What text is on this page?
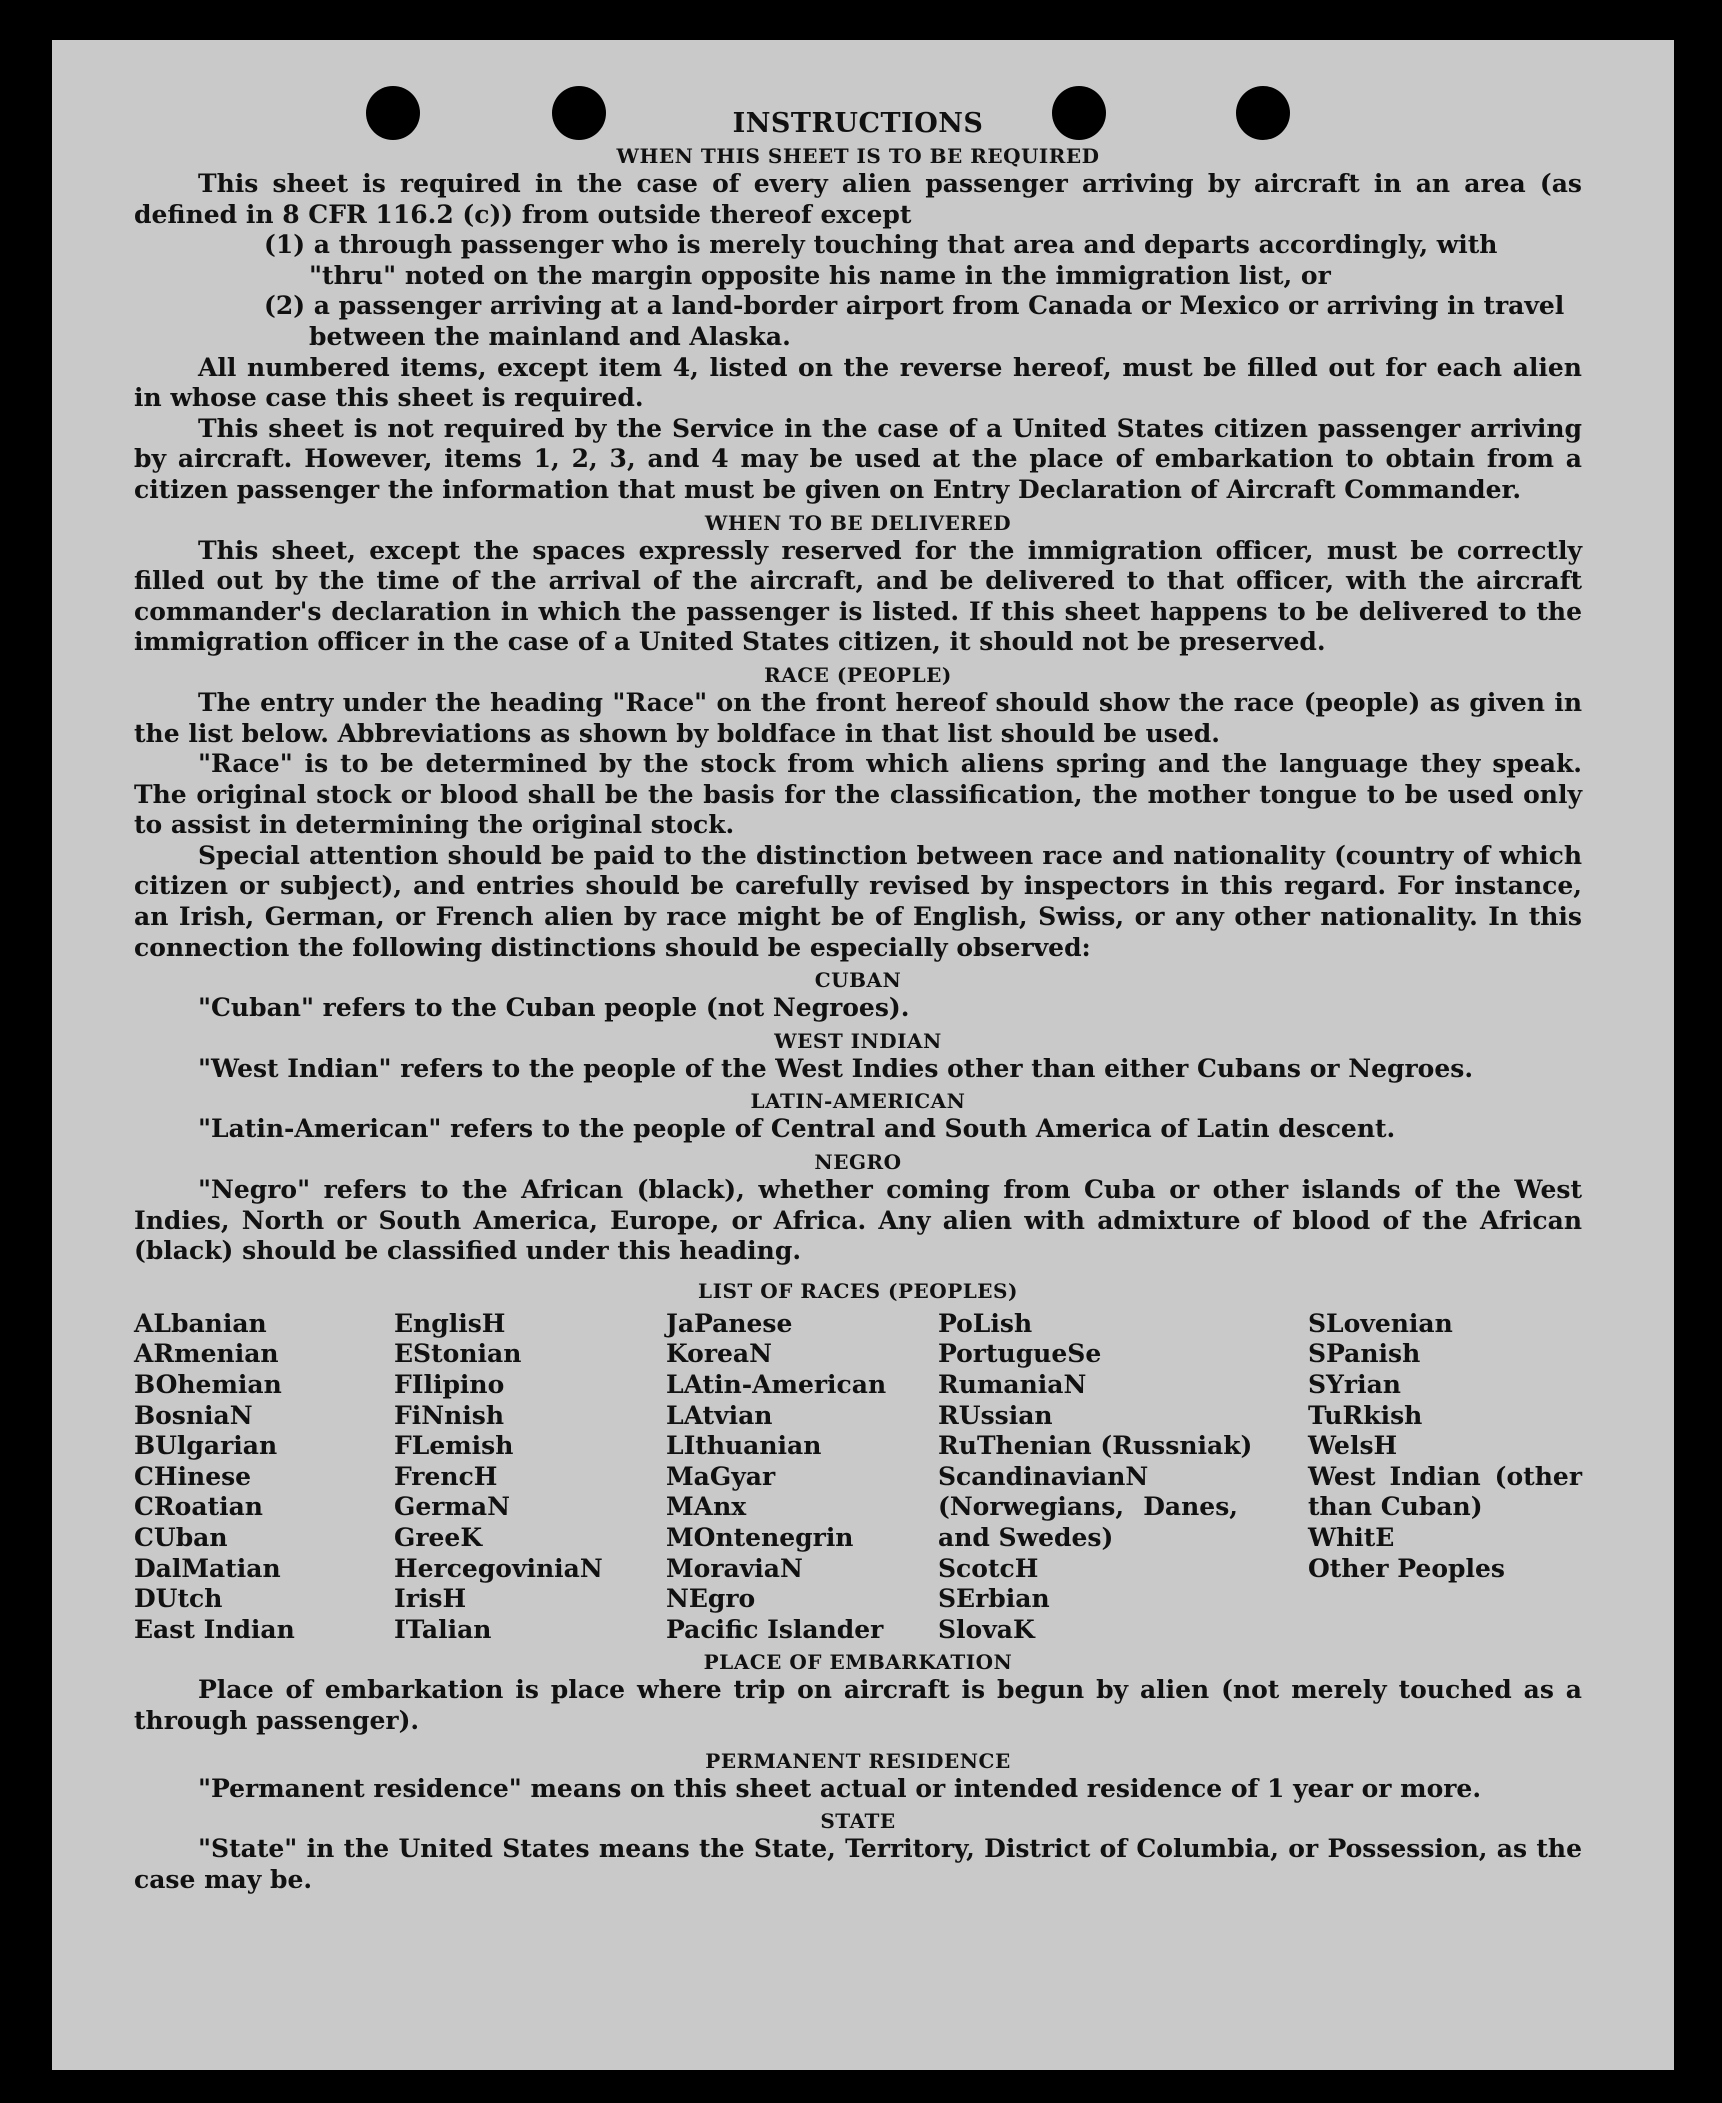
INSTRUCTIONS
WHEN THIS SHEET IS TO BE REQUIRED

This sheet is required in the case of every alien passenger arriving by aircraft in an area (as defined in 8 CFR 116.2 (c)) from outside thereof except

(1) a through passenger who is merely touching that area and departs accordingly, with "thru" noted on the margin opposite his name in the immigration list, or

(2) a passenger arriving at a land-border airport from Canada or Mexico or arriving in travel between the mainland and Alaska.

All numbered items, except item 4, listed on the reverse hereof, must be filled out for each alien in whose case this sheet is required.

This sheet is not required by the Service in the case of a United States citizen passenger arriving by aircraft. However, items 1, 2, 3, and 4 may be used at the place of embarkation to obtain from a citizen passenger the information that must be given on Entry Declaration of Aircraft Commander.

WHEN TO BE DELIVERED

This sheet, except the spaces expressly reserved for the immigration officer, must be correctly filled out by the time of the arrival of the aircraft, and be delivered to that officer, with the aircraft commander's declaration in which the passenger is listed. If this sheet happens to be delivered to the immigration officer in the case of a United States citizen, it should not be preserved.

RACE (PEOPLE)

The entry under the heading "Race" on the front hereof should show the race (people) as given in the list below. Abbreviations as shown by boldface in that list should be used.

"Race" is to be determined by the stock from which aliens spring and the language they speak. The original stock or blood shall be the basis for the classification, the mother tongue to be used only to assist in determining the original stock.

Special attention should be paid to the distinction between race and nationality (country of which citizen or subject), and entries should be carefully revised by inspectors in this regard. For instance, an Irish, German, or French alien by race might be of English, Swiss, or any other nationality. In this connection the following distinctions should be especially observed:

CUBAN

"Cuban" refers to the Cuban people (not Negroes).

WEST INDIAN

"West Indian" refers to the people of the West Indies other than either Cubans or Negroes.

LATIN-AMERICAN

"Latin-American" refers to the people of Central and South America of Latin descent.

NEGRO

"Negro" refers to the African (black), whether coming from Cuba or other islands of the West Indies, North or South America, Europe, or Africa. Any alien with admixture of blood of the African (black) should be classified under this heading.

LIST OF RACES (PEOPLES)
ALbanian
ARmenian
BOhemian
BosniaN
BUlgarian
CHinese
CRoatian
CUban
DalMatian
DUtch
East Indian
EnglisH
EStonian
FIlipino
FiNnish
FLemish
FrencH
GermaN
GreeK
HercegoviniaN
IrisH
ITalian
JaPanese
KoreaN
LAtin-American
LAtvian
LIthuanian
MaGyar
MAnx
MOntenegrin
MoraviaN
NEgro
Pacific Islander
PoLish
PortugueSe
RumaniaN
RUssian
RuThenian (Russniak)
ScandinavianN (Norwegians, Danes, and Swedes)
ScotcH
SErbian
SlovaK
SLovenian
SPanish
SYrian
TuRkish
WelsH
West Indian (other than Cuban)
WhitE
Other Peoples
PLACE OF EMBARKATION

Place of embarkation is place where trip on aircraft is begun by alien (not merely touched as a through passenger).

PERMANENT RESIDENCE

"Permanent residence" means on this sheet actual or intended residence of 1 year or more.

STATE

"State" in the United States means the State, Territory, District of Columbia, or Possession, as the case may be.
